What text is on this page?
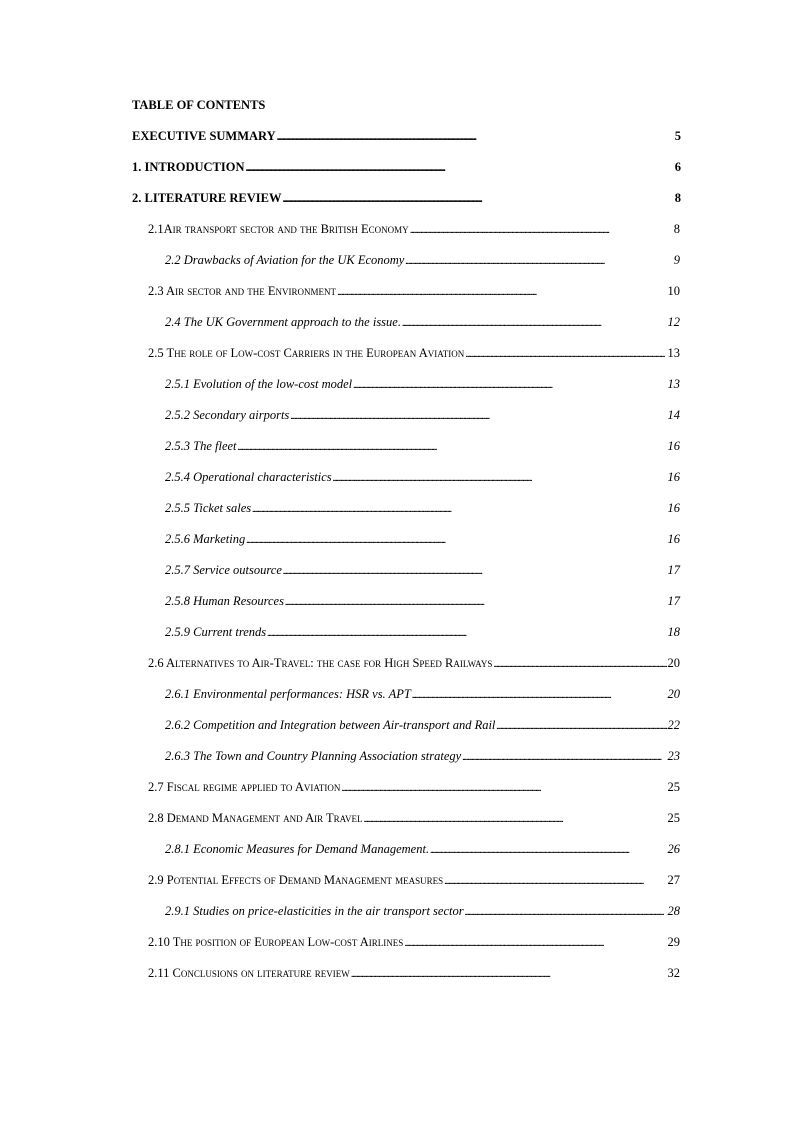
TABLE OF CONTENTS
EXECUTIVE SUMMARY . . .	5
1. INTRODUCTION . . .	6
2. LITERATURE REVIEW . . .	8
2.1Air transport sector and the British Economy . . .	8
2.2 Drawbacks of Aviation for the UK Economy . . .	9
2.3 Air sector and the Environment . . .	10
2.4 The UK Government approach to the issue. . . .	12
2.5 The role of Low-cost Carriers in the European Aviation . . .	13
2.5.1 Evolution of the low-cost model . . .	13
2.5.2 Secondary airports . . .	14
2.5.3 The fleet . . .	16
2.5.4 Operational characteristics . . .	16
2.5.5 Ticket sales . . .	16
2.5.6 Marketing . . .	16
2.5.7 Service outsource . . .	17
2.5.8 Human Resources . . .	17
2.5.9 Current trends . . .	18
2.6 Alternatives to Air-Travel: the case for High Speed Railways . . .	20
2.6.1 Environmental performances: HSR vs. APT . . .	20
2.6.2 Competition and Integration between Air-transport and Rail . . .	22
2.6.3 The Town and Country Planning Association strategy . . .	23
2.7 Fiscal regime applied to Aviation . . .	25
2.8 Demand Management and Air Travel . . .	25
2.8.1 Economic Measures for Demand Management. . . .	26
2.9 Potential Effects of Demand Management measures . . .	27
2.9.1 Studies on price-elasticities in the air transport sector . . .	28
2.10 The position of European Low-cost Airlines . . .	29
2.11 Conclusions on literature review . . .	32
